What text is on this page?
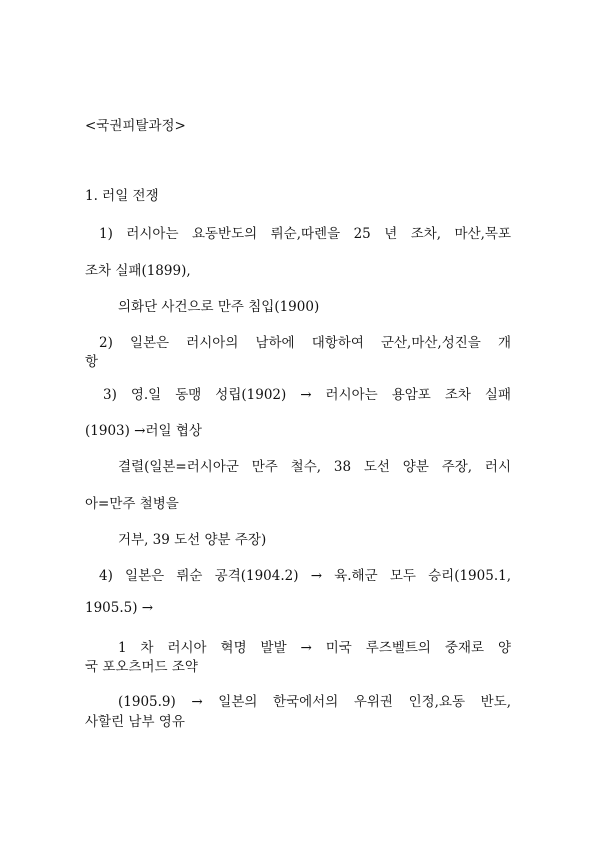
<국권피탈과정>
1. 러일 전쟁
1) 러시아는 요동반도의 뤼순,따렌을 25 년 조차, 마산,목포
조차 실패(1899),
의화단 사건으로 만주 침입(1900)
2) 일본은 러시아의 남하에 대항하여 군산,마산,성진을 개
항
3) 영.일 동맹 성립(1902) → 러시아는 용암포 조차 실패
(1903) →러일 협상
결렬(일본=러시아군 만주 철수, 38 도선 양분 주장, 러시
아=만주 철병을
거부, 39 도선 양분 주장)
4) 일본은 뤼순 공격(1904.2) → 육.해군 모두 승리(1905.1,
1905.5) →
1 차 러시아 혁명 발발 → 미국 루즈벨트의 중재로 양
국 포오츠머드 조약
(1905.9) → 일본의 한국에서의 우위권 인정,요동 반도,
사할린 남부 영유
